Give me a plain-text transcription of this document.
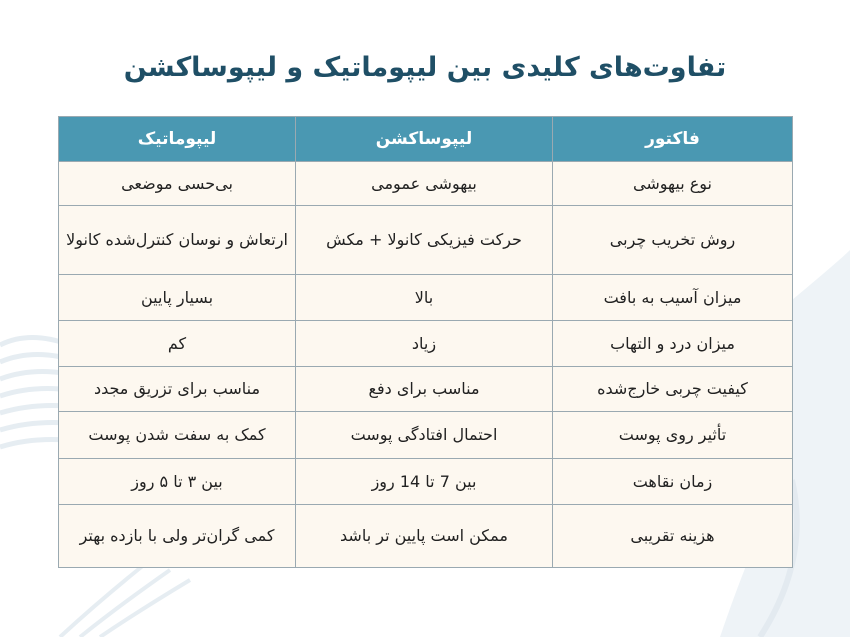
تفاوت‌های کلیدی بین لیپوماتیک و لیپوساکشن
فاکتور	لیپوساکشن	لیپوماتیک
نوع بیهوشی	بیهوشی عمومی	بی‌حسی موضعی
روش تخریب چربی	حرکت فیزیکی کانولا + مکش	ارتعاش و نوسان کنترل‌شده کانولا
میزان آسیب به بافت	بالا	بسیار پایین
میزان درد و التهاب	زیاد	کم
کیفیت چربی خارج‌شده	مناسب برای دفع	مناسب برای تزریق مجدد
تأثیر روی پوست	احتمال افتادگی پوست	کمک به سفت شدن پوست
زمان نقاهت	بین 7 تا 14 روز	بین ۳ تا ۵ روز
هزینه تقریبی	ممکن است پایین تر باشد	کمی گران‌تر ولی با بازده بهتر
